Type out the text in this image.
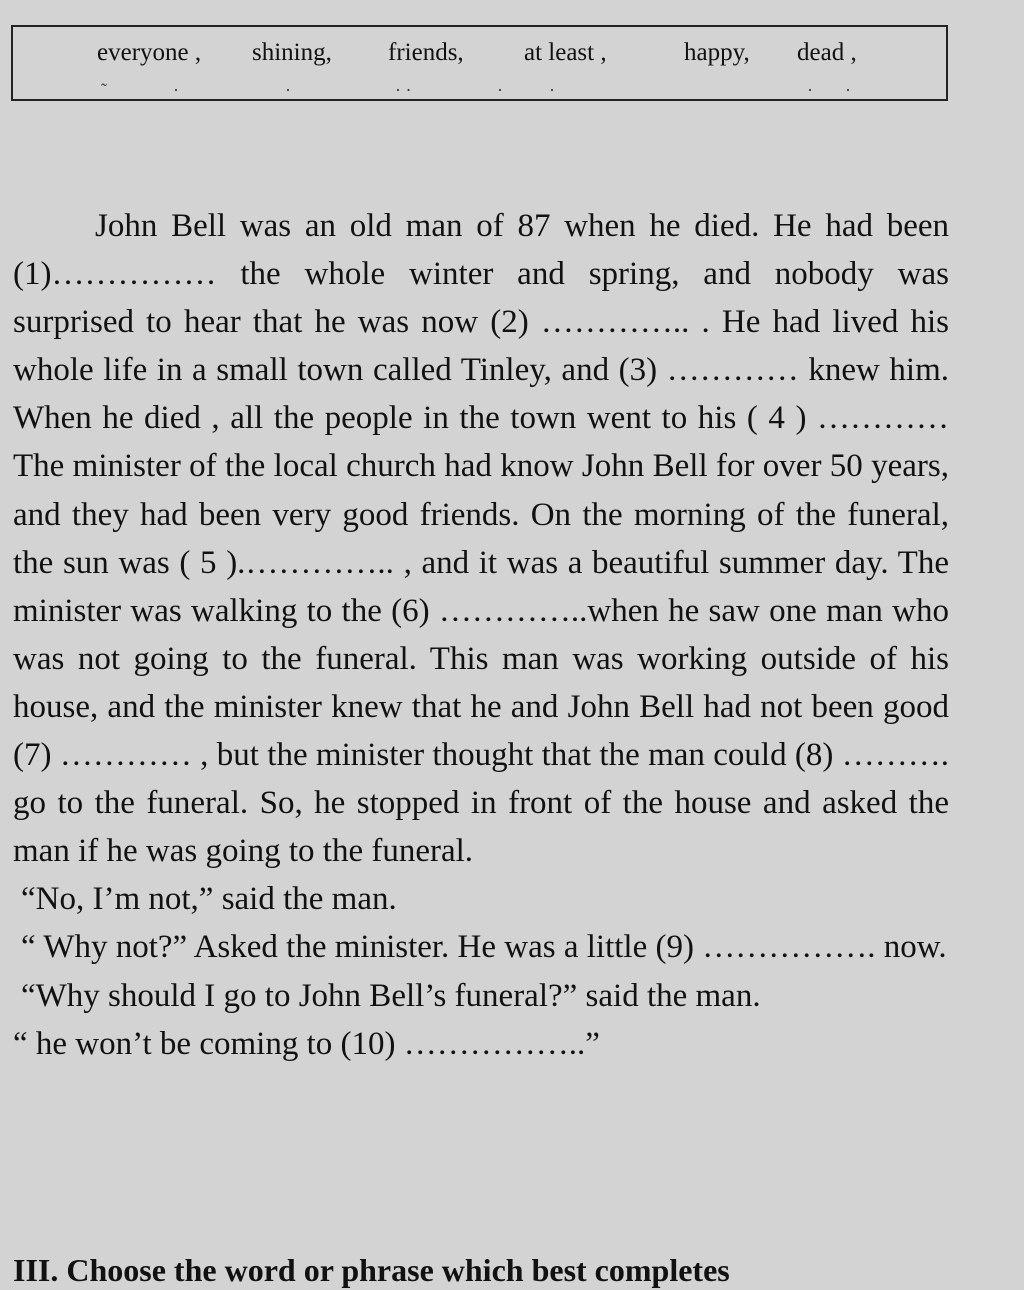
everyone , shining, friends, at least ,	happy, dead ,
˜	·	·	· ·	·	·	· ·

John Bell was an old man of 87 when he died. He had been (1)…………… the whole winter and spring, and nobody was surprised to hear that he was now (2) ………….. . He had lived his whole life in a small town called Tinley, and (3) ………… knew him. When he died , all the people in the town went to his ( 4 ) ………… The minister of the local church had know John Bell for over 50 years, and they had been very good friends. On the morning of the funeral, the sun was ( 5 ).………….. , and it was a beautiful summer day. The minister was walking to the (6) …………..when he saw one man who was not going to the funeral. This man was working outside of his house, and the minister knew that he and John Bell had not been good (7) ………… , but the minister thought that the man could (8) ………. go to the funeral. So, he stopped in front of the house and asked the man if he was going to the funeral.

“No, I’m not,” said the man.

“ Why not?” Asked the minister. He was a little (9) ……………. now.

“Why should I go to John Bell’s funeral?” said the man.

“ he won’t be coming to (10) ……………..”

III. Choose the word or phrase which best completes
